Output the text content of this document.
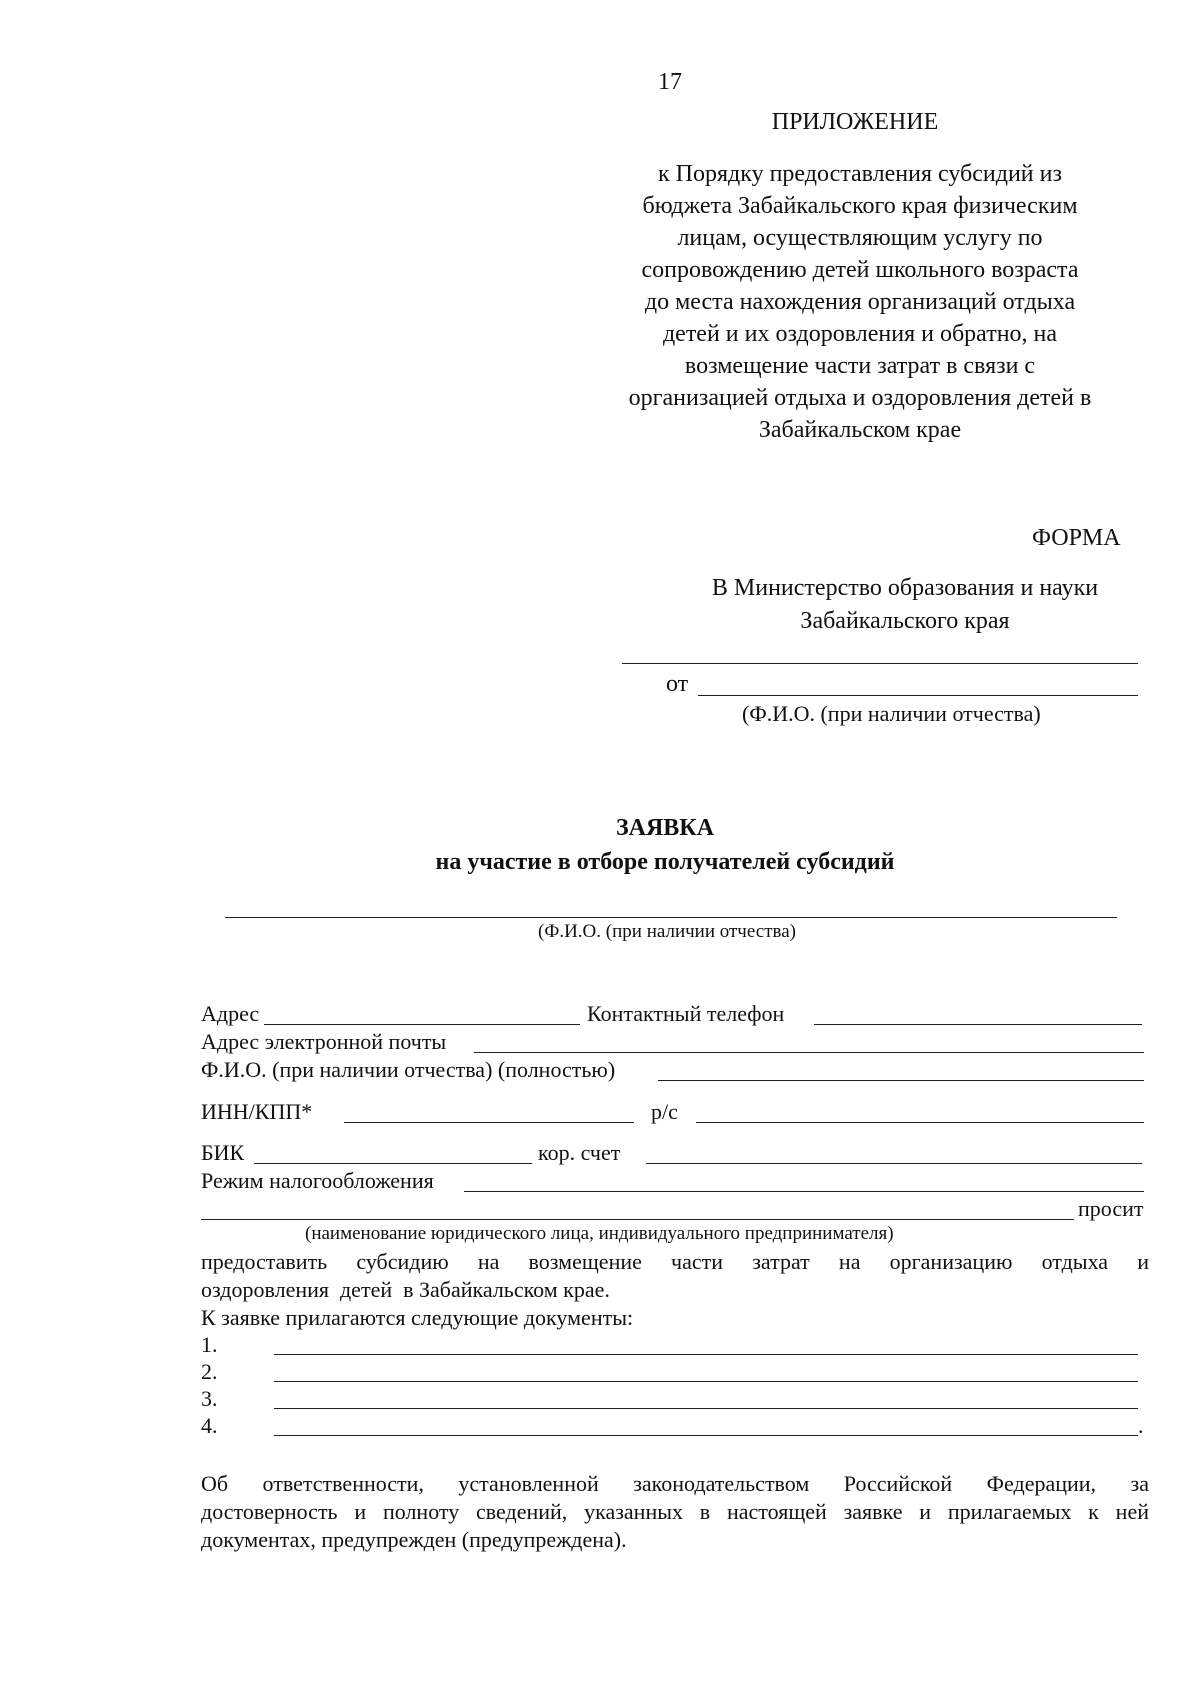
17
ПРИЛОЖЕНИЕ
к Порядку предоставления субсидий из
бюджета Забайкальского края физическим
лицам, осуществляющим услугу по
сопровождению детей школьного возраста
до места нахождения организаций отдыха
детей и их оздоровления и обратно, на
возмещение части затрат в связи с
организацией отдыха и оздоровления детей в
Забайкальском крае
ФОРМА
В Министерство образования и науки
Забайкальского края
от
(Ф.И.О. (при наличии отчества)
ЗАЯВКА
на участие в отборе получателей субсидий
(Ф.И.О. (при наличии отчества)
Адрес	Контактный телефон
Адрес электронной почты
Ф.И.О. (при наличии отчества) (полностью)
ИНН/КПП*	р/с
БИК	кор. счет
Режим налогообложения
просит
(наименование юридического лица, индивидуального предпринимателя)
предоставить субсидию на возмещение части затрат на организацию отдыха и
оздоровления  детей  в Забайкальском крае.
К заявке прилагаются следующие документы:
1.
2.
3.
4.	.
Об ответственности, установленной законодательством Российской Федерации, за
достоверность и полноту сведений, указанных в настоящей заявке и прилагаемых к ней
документах, предупрежден (предупреждена).
